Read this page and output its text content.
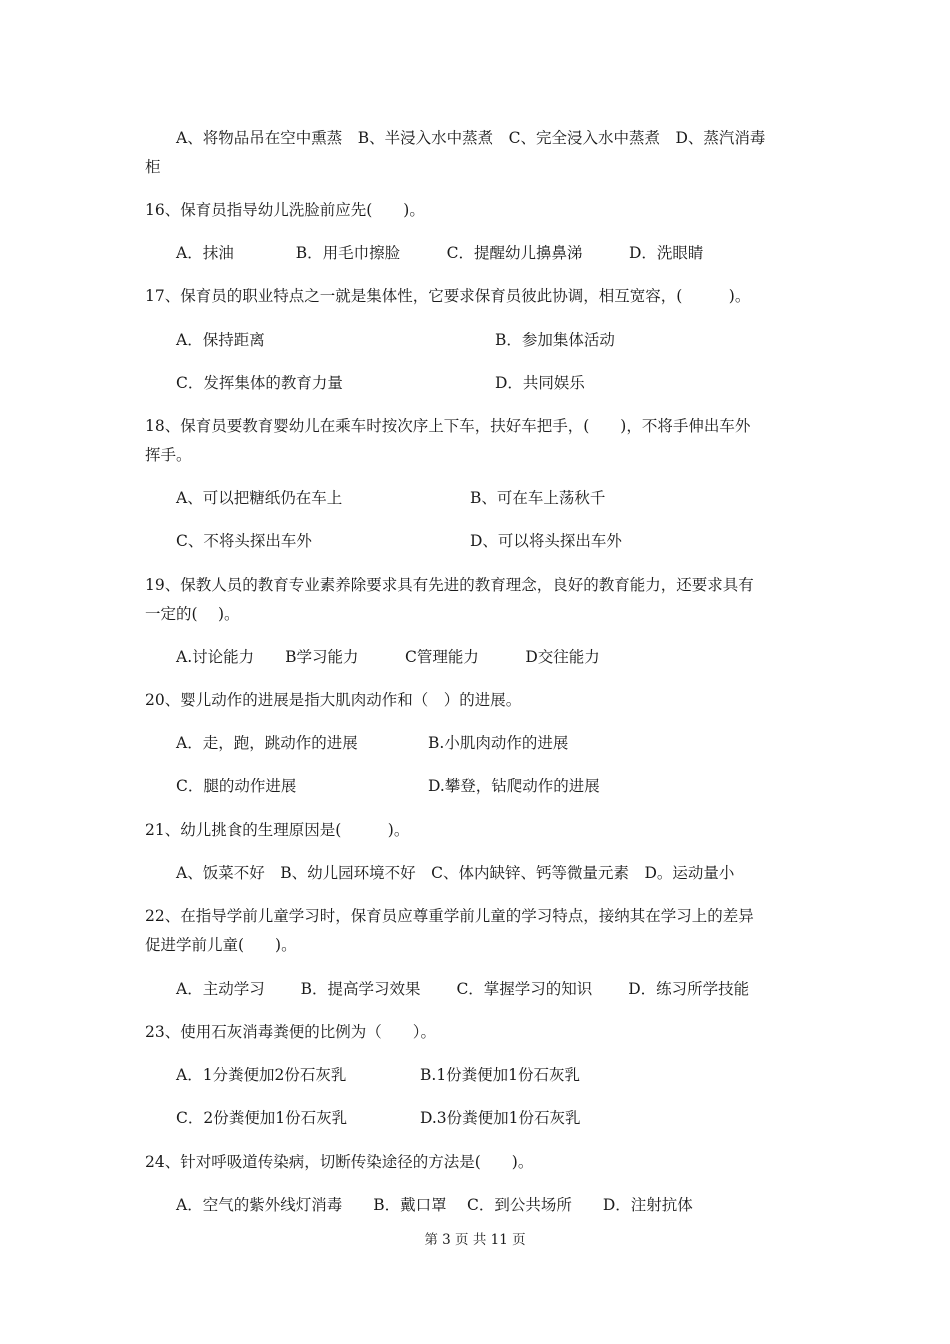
A、将物品吊在空中熏蒸　B、半浸入水中蒸煮　C、完全浸入水中蒸煮　D、蒸汽消毒
柜
16、保育员指导幼儿洗脸前应先(　　)。
A．抹油　　　　B．用毛巾擦脸　　　C．提醒幼儿擤鼻涕　　　D．洗眼睛
17、保育员的职业特点之一就是集体性，它要求保育员彼此协调，相互宽容，(　　　)。
A．保持距离	B．参加集体活动
C．发挥集体的教育力量	D．共同娱乐
18、保育员要教育婴幼儿在乘车时按次序上下车，扶好车把手，(　　)，不将手伸出车外
挥手。
A、可以把糖纸仍在车上	B、可在车上荡秋千
C、不将头探出车外	D、可以将头探出车外
19、保教人员的教育专业素养除要求具有先进的教育理念，良好的教育能力，还要求具有
一定的(　 )。
A.讨论能力　　B学习能力　　　C管理能力　　　D交往能力
20、婴儿动作的进展是指大肌肉动作和（　）的进展。
A．走，跑，跳动作的进展	B.小肌肉动作的进展
C．腿的动作进展	D.攀登，钻爬动作的进展
21、幼儿挑食的生理原因是(　　　)。
A、饭菜不好　B、幼儿园环境不好　C、体内缺锌、钙等微量元素　D。运动量小
22、在指导学前儿童学习时，保育员应尊重学前儿童的学习特点，接纳其在学习上的差异
促进学前儿童(　　)。
A．主动学习　　 B．提高学习效果　　 C．掌握学习的知识　　 D．练习所学技能
23、使用石灰消毒粪便的比例为（　　）。
A．1分粪便加2份石灰乳	B.1份粪便加1份石灰乳
C．2份粪便加1份石灰乳	D.3份粪便加1份石灰乳
24、针对呼吸道传染病，切断传染途径的方法是(　　)。
A．空气的紫外线灯消毒　　B．戴口罩　 C．到公共场所　　D．注射抗体
第 3 页 共 11 页
